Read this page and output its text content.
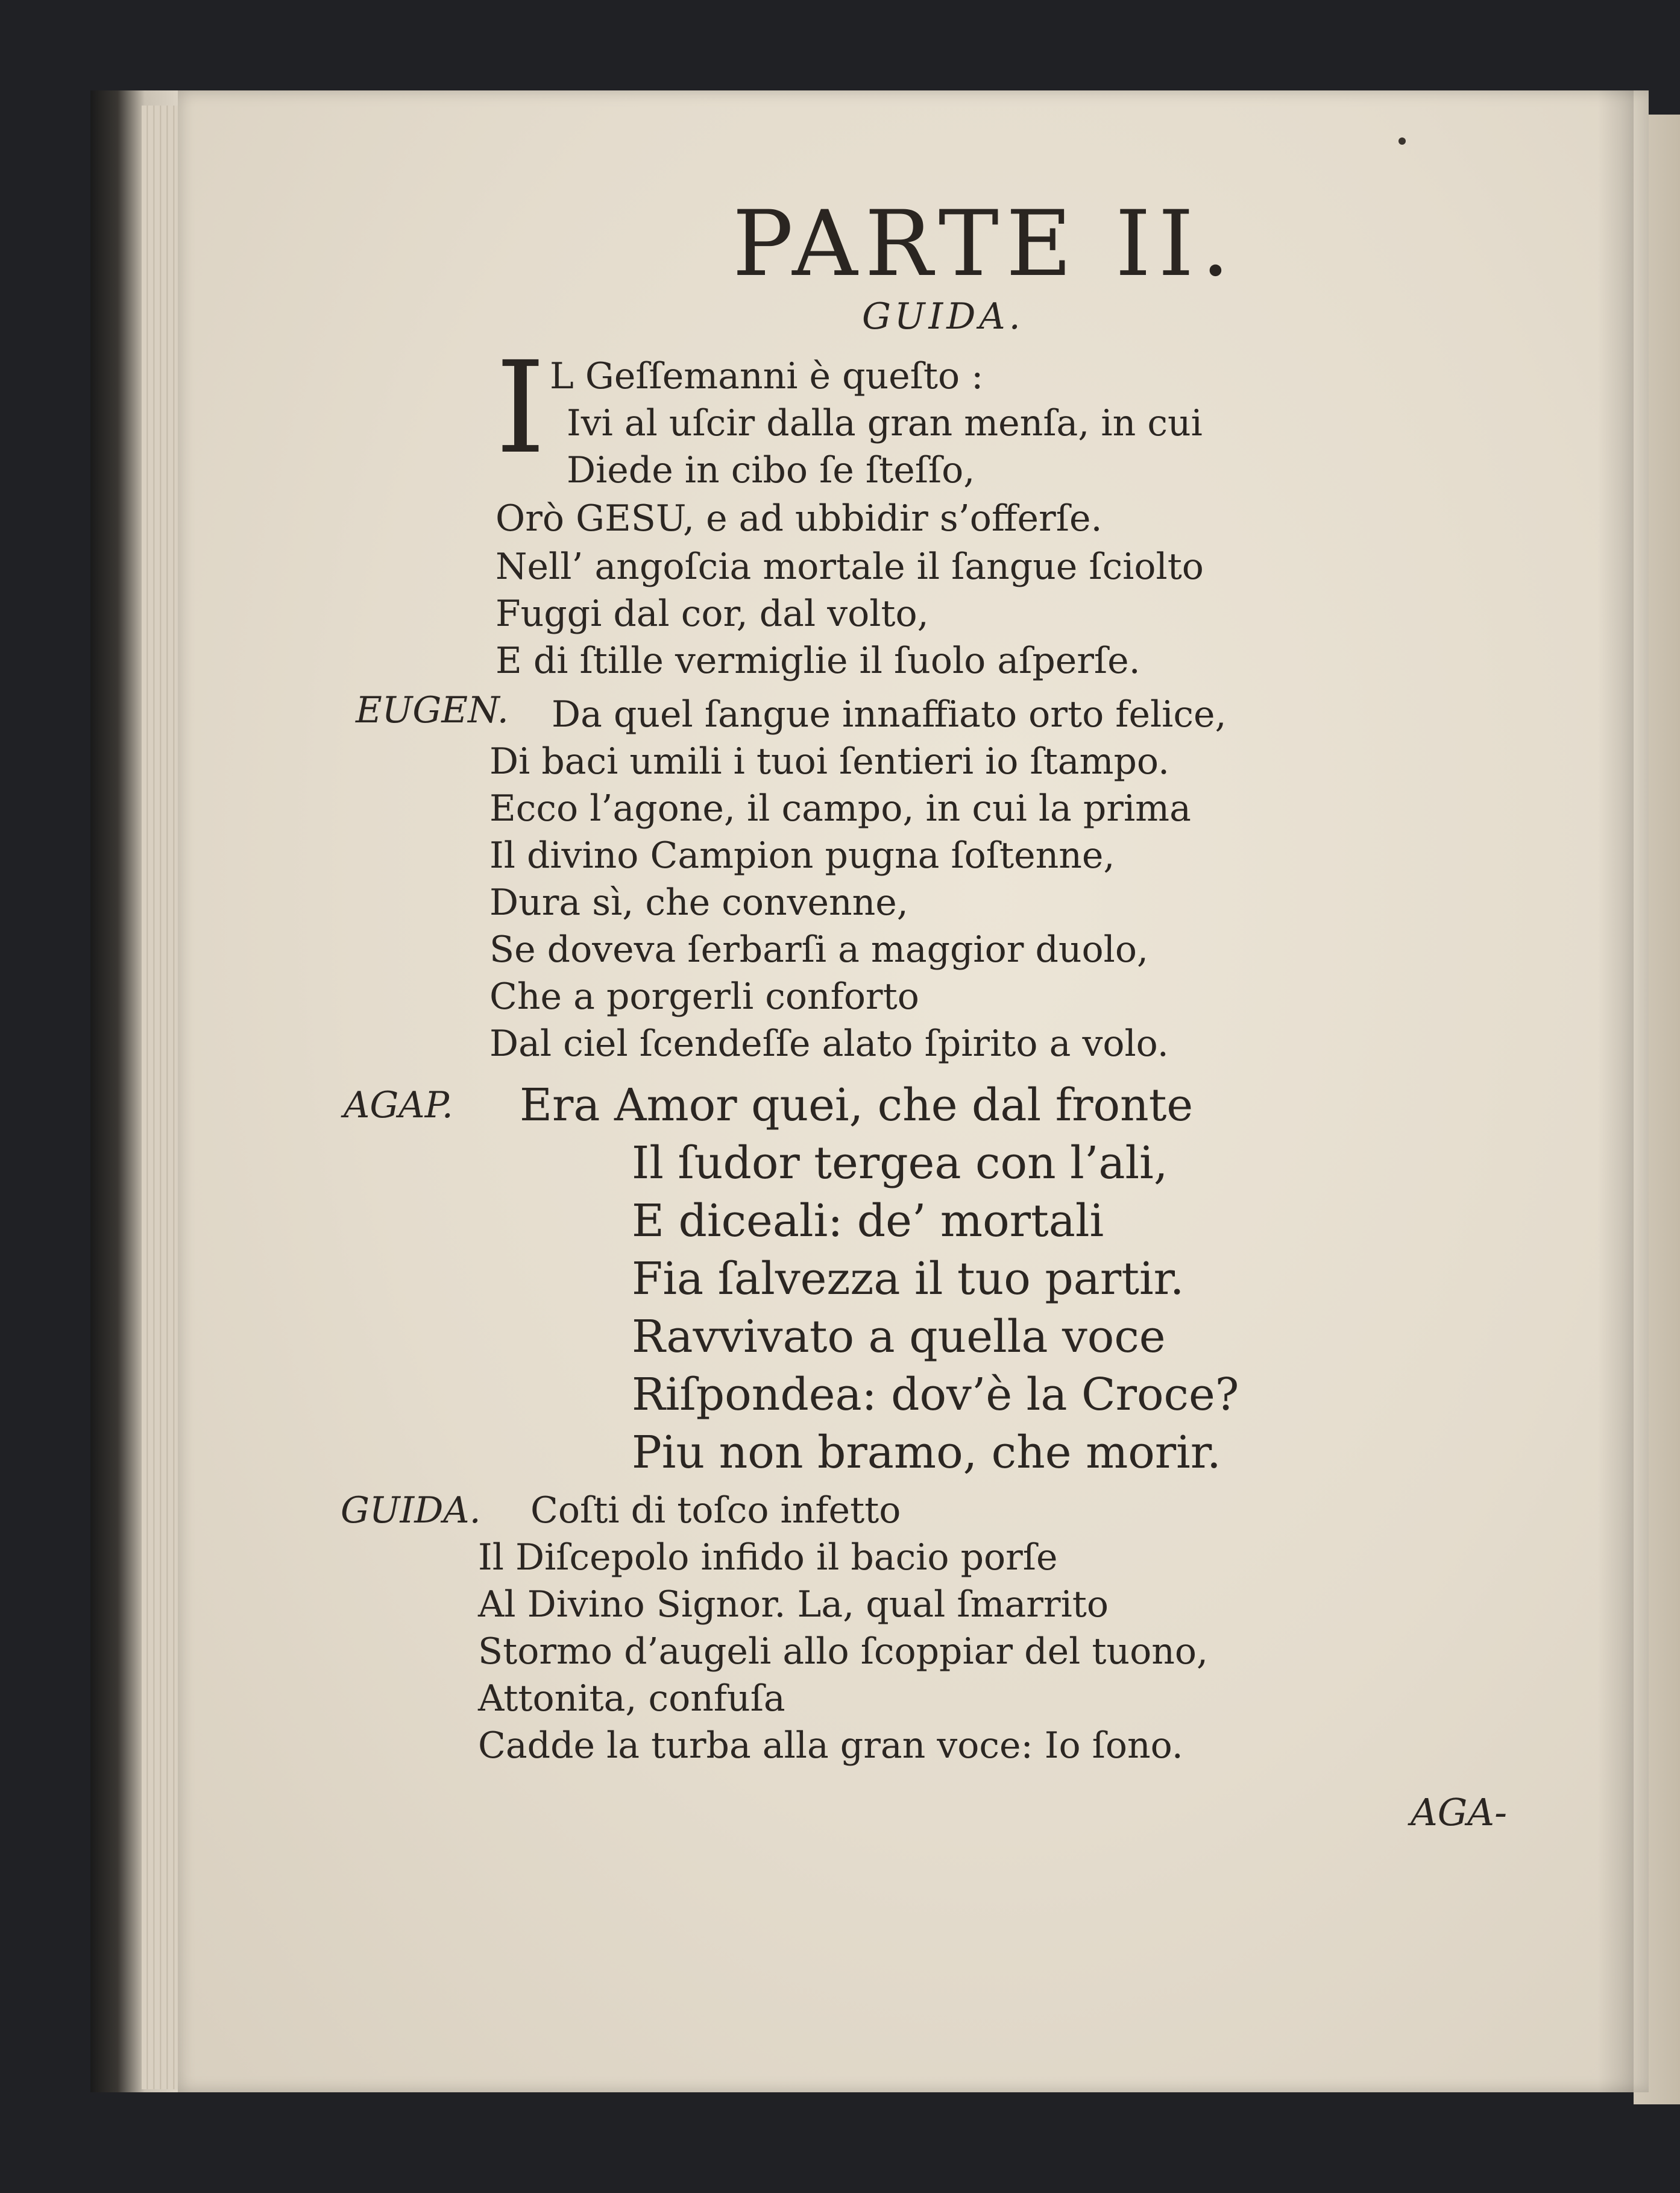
PARTE II.
GUIDA.
I L Geſſemanni è queſto :
Ivi al uſcir dalla gran menſa, in cui
Diede in cibo ſe ſteſſo,
Orò GESU, e ad ubbidir s’offerſe.
Nell’ angoſcia mortale il ſangue ſciolto
Fuggi dal cor, dal volto,
E di ſtille vermiglie il ſuolo aſperſe.
EUGEN. Da quel ſangue innaffiato orto felice,
Di baci umili i tuoi ſentieri io ſtampo.
Ecco l’agone, il campo, in cui la prima
Il divino Campion pugna ſoſtenne,
Dura sì, che convenne,
Se doveva ſerbarſi a maggior duolo,
Che a porgerli conforto
Dal ciel ſcendeſſe alato ſpirito a volo.
AGAP. Era Amor quei, che dal fronte
Il ſudor tergea con l’ali,
E diceali: de’ mortali
Fia ſalvezza il tuo partir.
Ravvivato a quella voce
Riſpondea: dov’è la Croce?
Piu non bramo, che morir.
GUIDA. Coſti di toſco infetto
Il Diſcepolo infido il bacio porſe
Al Divino Signor. La, qual ſmarrito
Stormo d’augeli allo ſcoppiar del tuono,
Attonita, confuſa
Cadde la turba alla gran voce: Io ſono.
AGA-
